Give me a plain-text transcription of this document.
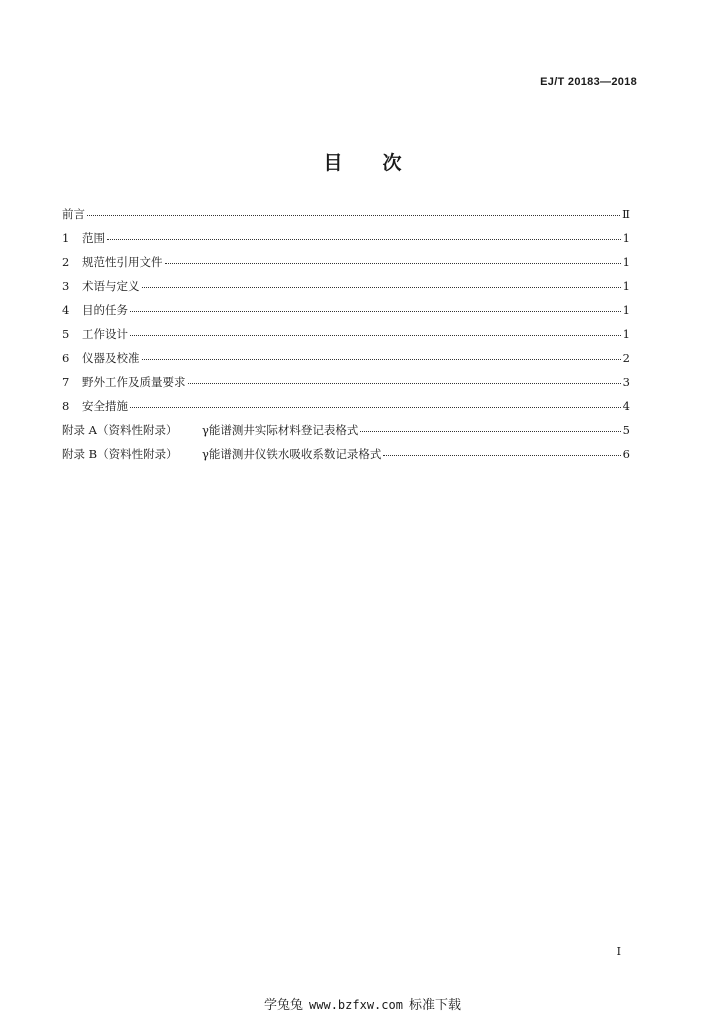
EJ/T 20183—2018
目 次
前言	Ⅱ
1	范围	1
2	规范性引用文件	1
3	术语与定义	1
4	目的任务	1
5	工作设计	1
6	仪器及校准	2
7	野外工作及质量要求	3
8	安全措施	4
附录 A（资料性附录）	γ能谱测井实际材料登记表格式	5
附录 B（资料性附录）	γ能谱测井仪铁水吸收系数记录格式	6
I
学兔兔 www.bzfxw.com 标准下载
